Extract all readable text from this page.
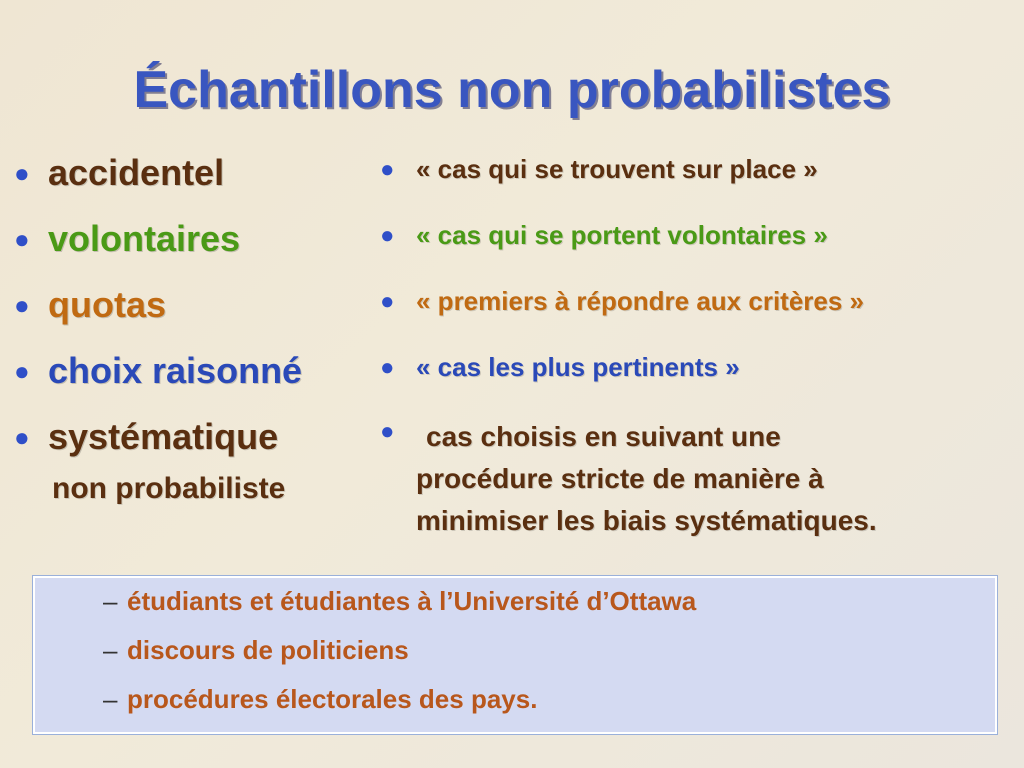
Échantillons non probabilistes
● accidentel
● volontaires
● quotas
● choix raisonné
● systématique
non probabiliste
● « cas qui se trouvent sur place »
● « cas qui se portent volontaires »
● « premiers à répondre aux critères »
● « cas les plus pertinents »
●	cas choisis en suivant une
procédure stricte de manière à
minimiser les biais systématiques.
– étudiants et étudiantes à l’Université d’Ottawa
– discours de politiciens
– procédures électorales des pays.
